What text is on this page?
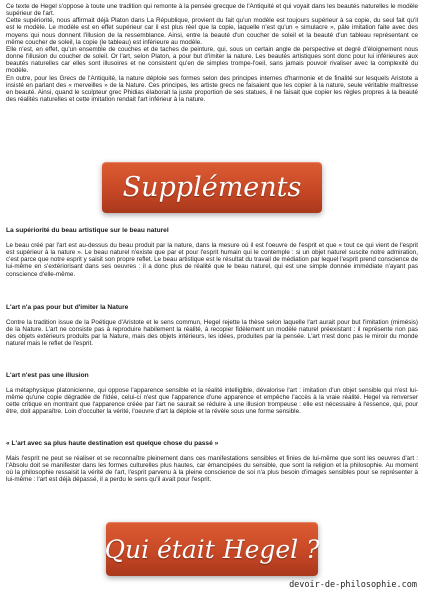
Ce texte de Hegel s'oppose à toute une tradition qui remonte à la pensée grecque de l'Antiquité et qui voyait dans les beautés naturelles le modèle supérieur de l'art.

Cette supériorité, nous affirmait déjà Platon dans La République, provient du fait qu'un modèle est toujours supérieur à sa copie, du seul fait qu'il est le modèle. Le modèle est en effet supérieur car il est plus réel que la copie, laquelle n'est qu'un « simulacre », pâle imitation faite avec des moyens qui nous donnent l'illusion de la ressemblance. Ainsi, entre la beauté d'un coucher de soleil et la beauté d'un tableau représentant ce même coucher de soleil, la copie (le tableau) est inférieure au modèle.

Elle n'est, en effet, qu'un ensemble de couches et de taches de peinture, qui, sous un certain angle de perspective et degré d'éloignement nous donne l'illusion du coucher de soleil. Or l'art, selon Platon, a pour but d'imiter la nature. Les beautés artistiques sont donc pour lui inférieures aux beautés naturelles car elles sont illusoires et ne consistent qu'en de simples trompe-l'oeil, sans jamais pouvoir rivaliser avec la complexité du modèle.

En outre, pour les Grecs de l'Antiquité, la nature déploie ses formes selon des principes internes d'harmonie et de finalité sur lesquels Aristote a insisté en parlant des « merveilles » de la Nature. Ces principes, les artiste grecs ne faisaient que les copier à la nature, seule véritable maîtresse en beauté. Ainsi, quand le sculpteur grec Phidias élaborait la juste proportion de ses statues, il ne faisait que copier les règles propres à la beauté des réalités naturelles et cette imitation rendait l'art inférieur à la nature.

Suppléments
La supériorité du beau artistique sur le beau naturel

Le beau créé par l'art est au-dessus du beau produit par la nature, dans la mesure où il est l'oeuvre de l'esprit et que « tout ce qui vient de l'esprit est supérieur à la nature ». Le beau naturel n'existe que par et pour l'esprit humain qui le contemple : si un objet naturel suscite notre admiration, c'est parce que notre esprit y saisit son propre reflet. Le beau artistique est le résultat du travail de médiation par lequel l'esprit prend conscience de lui-même en s'extériorisant dans ses oeuvres : il a donc plus de réalité que le beau naturel, qui est une simple donnée immédiate n'ayant pas conscience d'elle-même.

L'art n'a pas pour but d'imiter la Nature

Contre la tradition issue de la Poétique d'Aristote et le sens commun, Hegel rejette la thèse selon laquelle l'art aurait pour but l'imitation (mimésis) de la Nature. L'art ne consiste pas à reproduire habilement la réalité, à recopier fidèlement un modèle naturel préexistant : il représente non pas des objets extérieurs produits par la Nature, mais des objets intérieurs, les idées, produites par la pensée. L'art n'est donc pas le miroir du monde naturel mais le reflet de l'esprit.

L'art n'est pas une illusion

La métaphysique platonicienne, qui oppose l'apparence sensible et la réalité intelligible, dévalorise l'art : imitation d'un objet sensible qui n'est lui-même qu'une copie dégradée de l'Idée, celui-ci n'est que l'apparence d'une apparence et empêche l'accès à la vraie réalité. Hegel va renverser cette critique en montrant que l'apparence créée par l'art ne saurait se réduire à une illusion trompeuse : elle est nécessaire à l'essence, qui, pour être, doit apparaître. Loin d'occulter la vérité, l'oeuvre d'art la déploie et la révèle sous une forme sensible.

« L'art avec sa plus haute destination est quelque chose du passé »

Mais l'esprit ne peut se réaliser et se reconnaître pleinement dans ces manifestations sensibles et finies de lui-même que sont les oeuvres d'art : l'Absolu doit se manifester dans les formes culturelles plus hautes, car émancipées du sensible, que sont la religion et la philosophie. Au moment où la philosophie ressaisit la vérité de l'art, l'esprit parvenu à la pleine conscience de soi n'a plus besoin d'images sensibles pour se représenter à lui-même : l'art est déjà dépassé, il a perdu le sens qu'il avait pour l'esprit.

Qui était Hegel ?
devoir-de-philosophie.com
